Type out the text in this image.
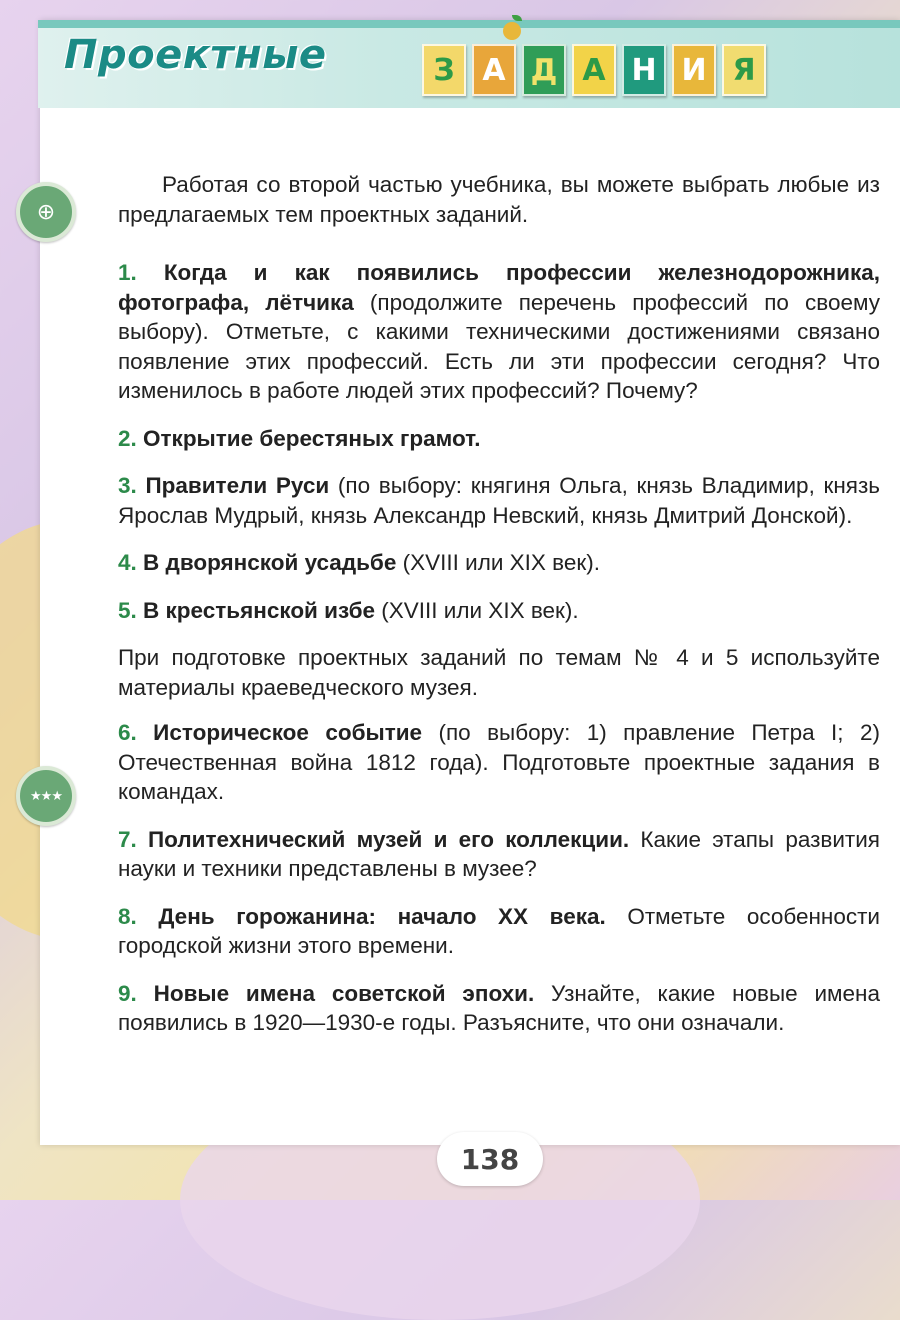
Проектные	З А Д А Н И Я
⊕
★★★

Работая со второй частью учебника, вы можете выбрать любые из предлагаемых тем проектных заданий.

1. Когда и как появились профессии железнодорожника, фотографа, лётчика (продолжите перечень профессий по своему выбору). Отметьте, с какими техническими достижениями связано появление этих профессий. Есть ли эти профессии сегодня? Что изменилось в работе людей этих профессий? Почему?

2. Открытие берестяных грамот.

3. Правители Руси (по выбору: княгиня Ольга, князь Владимир, князь Ярослав Мудрый, князь Александр Невский, князь Дмитрий Донской).

4. В дворянской усадьбе (XVIII или XIX век).

5. В крестьянской избе (XVIII или XIX век).

При подготовке проектных заданий по темам № 4 и 5 используйте материалы краеведческого музея.

6. Историческое событие (по выбору: 1) правление Петра I; 2) Отечественная война 1812 года). Подготовьте проектные задания в командах.

7. Политехнический музей и его коллекции. Какие этапы развития науки и техники представлены в музее?

8. День горожанина: начало XX века. Отметьте особенности городской жизни этого времени.

9. Новые имена советской эпохи. Узнайте, какие новые имена появились в 1920—1930-е годы. Разъясните, что они означали.

138
